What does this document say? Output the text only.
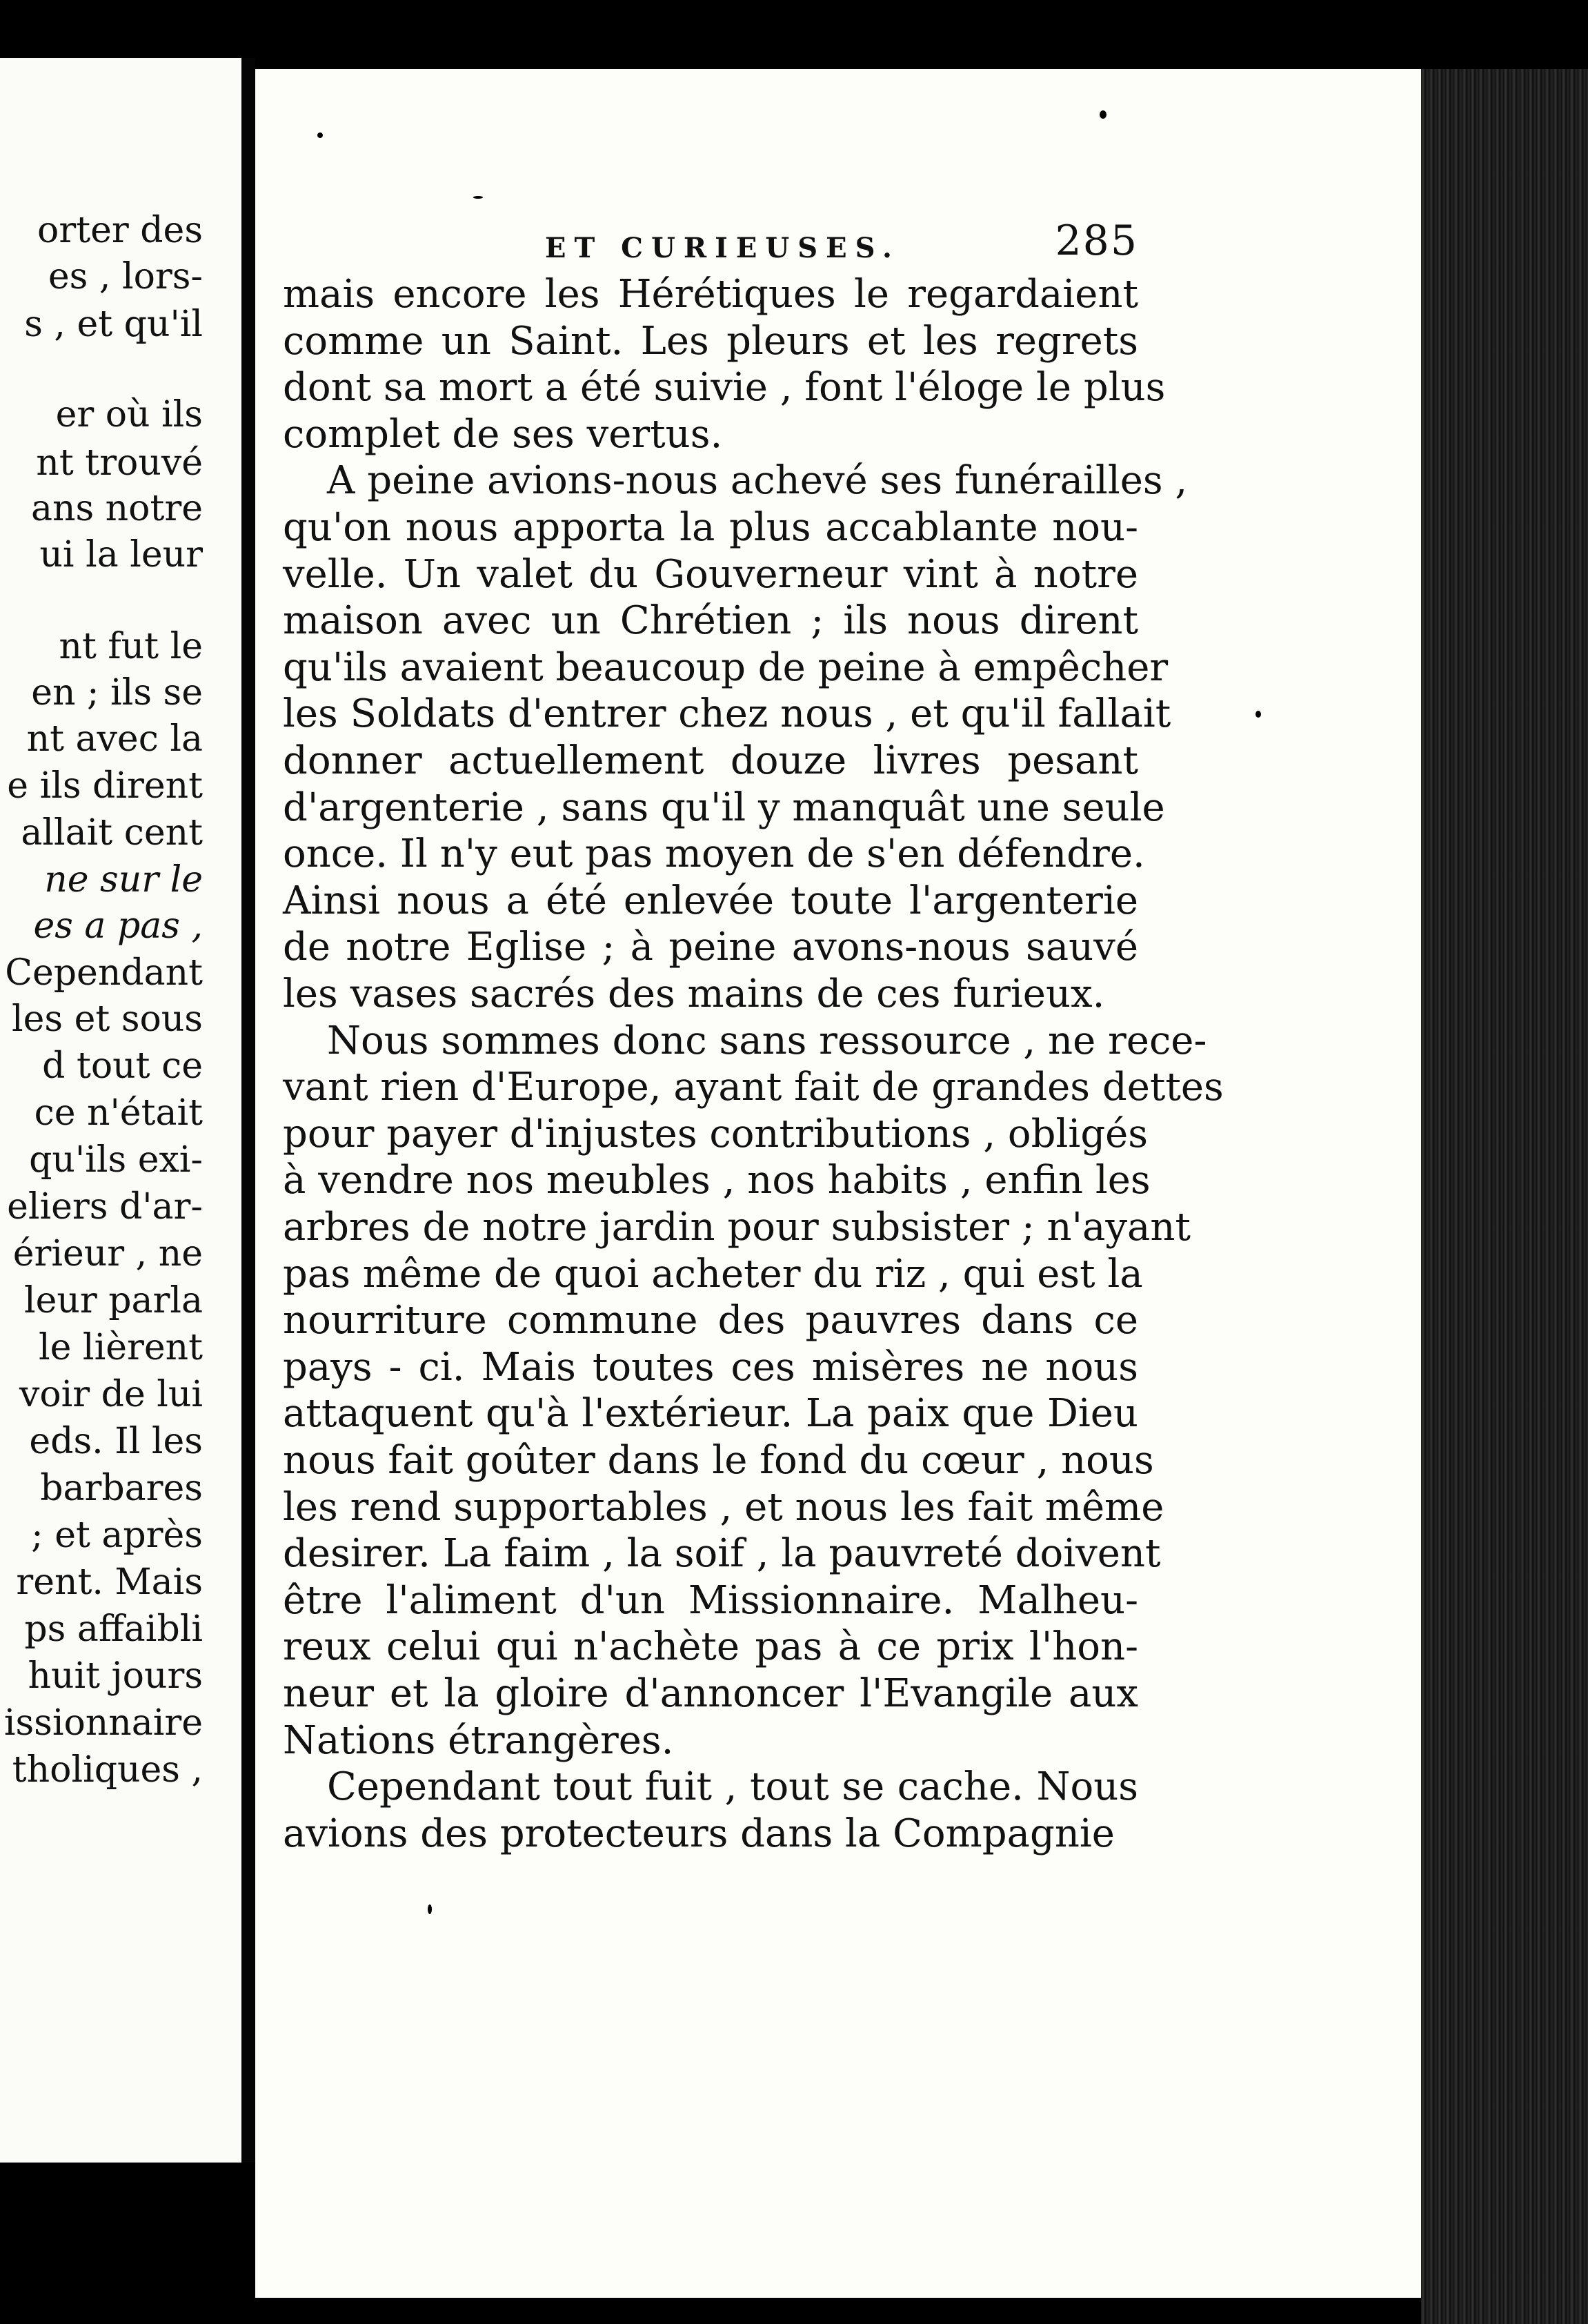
orter des
es , lors-
s , et qu'il
er où ils
nt trouvé
ans notre
ui la leur
nt fut le
en ; ils se
nt avec la
e ils dirent
allait cent
ne sur le
es a pas ,
Cependant
les et sous
d tout ce
ce n'était
qu'ils exi-
eliers d'ar-
érieur , ne
leur parla
le lièrent
voir de lui
eds. Il les
barbares
; et après
rent. Mais
ps affaibli
huit jours
issionnaire
tholiques ,
ET CURIEUSES.	285
mais encore les Hérétiques le regardaient
comme un Saint. Les pleurs et les regrets
dont sa mort a été suivie , font l'éloge le plus
complet de ses vertus.
A peine avions-nous achevé ses funérailles ,
qu'on nous apporta la plus accablante nou-
velle. Un valet du Gouverneur vint à notre
maison avec un Chrétien ; ils nous dirent
qu'ils avaient beaucoup de peine à empêcher
les Soldats d'entrer chez nous , et qu'il fallait
donner actuellement douze livres pesant
d'argenterie , sans qu'il y manquât une seule
once. Il n'y eut pas moyen de s'en défendre.
Ainsi nous a été enlevée toute l'argenterie
de notre Eglise ; à peine avons-nous sauvé
les vases sacrés des mains de ces furieux.
Nous sommes donc sans ressource , ne rece-
vant rien d'Europe, ayant fait de grandes dettes
pour payer d'injustes contributions , obligés
à vendre nos meubles , nos habits , enfin les
arbres de notre jardin pour subsister ; n'ayant
pas même de quoi acheter du riz , qui est la
nourriture commune des pauvres dans ce
pays - ci. Mais toutes ces misères ne nous
attaquent qu'à l'extérieur. La paix que Dieu
nous fait goûter dans le fond du cœur , nous
les rend supportables , et nous les fait même
desirer. La faim , la soif , la pauvreté doivent
être l'aliment d'un Missionnaire. Malheu-
reux celui qui n'achète pas à ce prix l'hon-
neur et la gloire d'annoncer l'Evangile aux
Nations étrangères.
Cependant tout fuit , tout se cache. Nous
avions des protecteurs dans la Compagnie
